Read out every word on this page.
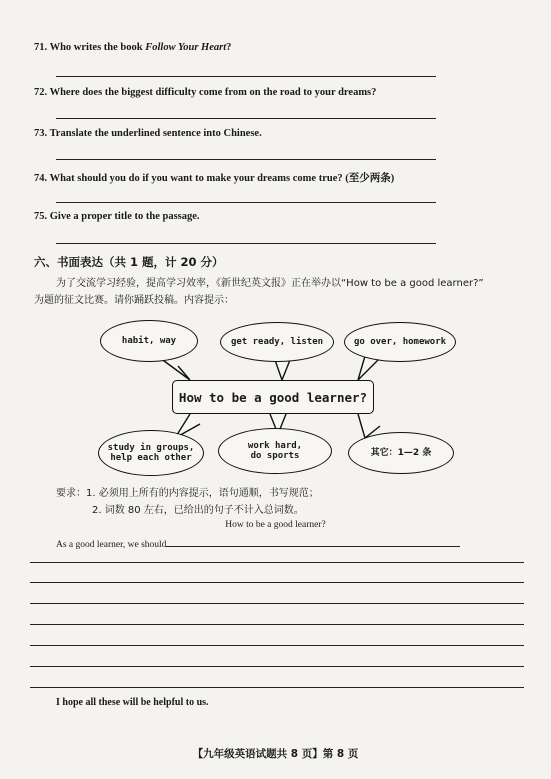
71. Who writes the book Follow Your Heart?
72. Where does the biggest difficulty come from on the road to your dreams?
73. Translate the underlined sentence into Chinese.
74. What should you do if you want to make your dreams come true? (至少两条)
75. Give a proper title to the passage.
六、书面表达（共 1 题，计 20 分）
为了交流学习经验，提高学习效率，《新世纪英文报》正在举办以“How to be a good learner?”
为题的征文比赛。请你踊跃投稿。内容提示：
habit, way	get ready, listen	go over, homework
How to be a good learner?
study in groups,
help each other
work hard,
do sports	其它：1—2 条
要求：1. 必须用上所有的内容提示，语句通顺，书写规范；
2. 词数 80 左右，已给出的句子不计入总词数。
How to be a good learner?
As a good learner, we should
I hope all these will be helpful to us.
【九年级英语试题共 8 页】第 8 页
